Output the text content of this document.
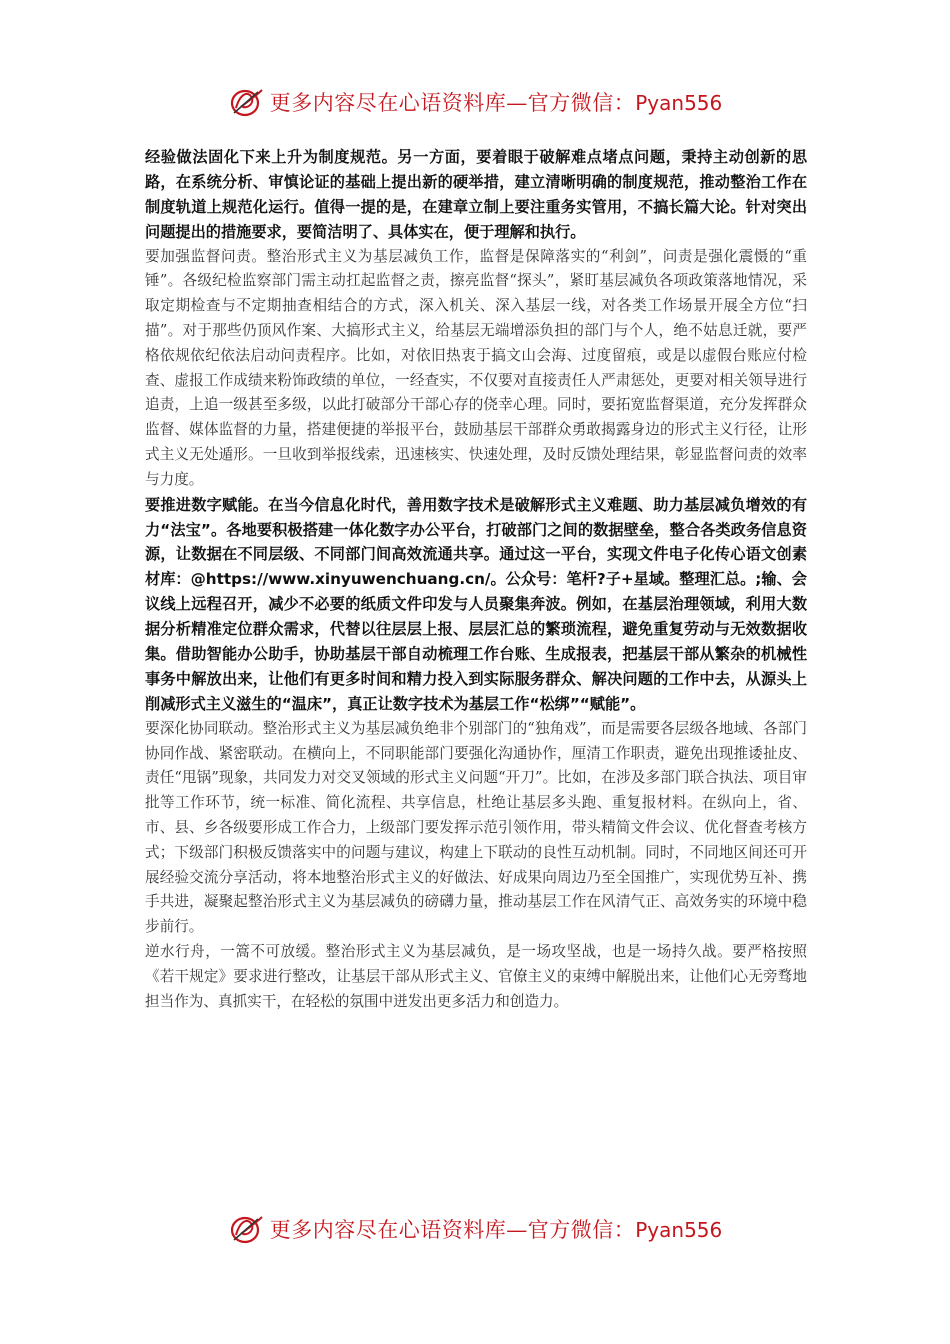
更多内容尽在心语资料库—官方微信：Pyan556

经验做法固化下来上升为制度规范。另一方面，要着眼于破解难点堵点问题，秉持主动创新的思路，在系统分析、审慎论证的基础上提出新的硬举措，建立清晰明确的制度规范，推动整治工作在制度轨道上规范化运行。值得一提的是，在建章立制上要注重务实管用，不搞长篇大论。针对突出问题提出的措施要求，要简洁明了、具体实在，便于理解和执行。

要加强监督问责。整治形式主义为基层减负工作，监督是保障落实的“利剑”，问责是强化震慑的“重锤”。各级纪检监察部门需主动扛起监督之责，擦亮监督“探头”，紧盯基层减负各项政策落地情况，采取定期检查与不定期抽查相结合的方式，深入机关、深入基层一线，对各类工作场景开展全方位“扫描”。对于那些仍顶风作案、大搞形式主义，给基层无端增添负担的部门与个人，绝不姑息迁就，要严格依规依纪依法启动问责程序。比如，对依旧热衷于搞文山会海、过度留痕，或是以虚假台账应付检查、虚报工作成绩来粉饰政绩的单位，一经查实，不仅要对直接责任人严肃惩处，更要对相关领导进行追责，上追一级甚至多级，以此打破部分干部心存的侥幸心理。同时，要拓宽监督渠道，充分发挥群众监督、媒体监督的力量，搭建便捷的举报平台，鼓励基层干部群众勇敢揭露身边的形式主义行径，让形式主义无处遁形。一旦收到举报线索，迅速核实、快速处理，及时反馈处理结果，彰显监督问责的效率与力度。

要推进数字赋能。在当今信息化时代，善用数字技术是破解形式主义难题、助力基层减负增效的有力“法宝”。各地要积极搭建一体化数字办公平台，打破部门之间的数据壁垒，整合各类政务信息资源，让数据在不同层级、不同部门间高效流通共享。通过这一平台，实现文件电子化传心语文创素材库：@https://www.xinyuwenchuang.cn/。公众号：笔杆?子+星域。整理汇总。;输、会议线上远程召开，减少不必要的纸质文件印发与人员聚集奔波。例如，在基层治理领域，利用大数据分析精准定位群众需求，代替以往层层上报、层层汇总的繁琐流程，避免重复劳动与无效数据收集。借助智能办公助手，协助基层干部自动梳理工作台账、生成报表，把基层干部从繁杂的机械性事务中解放出来，让他们有更多时间和精力投入到实际服务群众、解决问题的工作中去，从源头上削减形式主义滋生的“温床”，真正让数字技术为基层工作“松绑”“赋能”。

要深化协同联动。整治形式主义为基层减负绝非个别部门的“独角戏”，而是需要各层级各地域、各部门协同作战、紧密联动。在横向上，不同职能部门要强化沟通协作，厘清工作职责，避免出现推诿扯皮、责任“甩锅”现象，共同发力对交叉领域的形式主义问题“开刀”。比如，在涉及多部门联合执法、项目审批等工作环节，统一标准、简化流程、共享信息，杜绝让基层多头跑、重复报材料。在纵向上，省、市、县、乡各级要形成工作合力，上级部门要发挥示范引领作用，带头精简文件会议、优化督查考核方式；下级部门积极反馈落实中的问题与建议，构建上下联动的良性互动机制。同时，不同地区间还可开展经验交流分享活动，将本地整治形式主义的好做法、好成果向周边乃至全国推广，实现优势互补、携手共进，凝聚起整治形式主义为基层减负的磅礴力量，推动基层工作在风清气正、高效务实的环境中稳步前行。

逆水行舟，一篙不可放缓。整治形式主义为基层减负，是一场攻坚战，也是一场持久战。要严格按照《若干规定》要求进行整改，让基层干部从形式主义、官僚主义的束缚中解脱出来，让他们心无旁骛地担当作为、真抓实干，在轻松的氛围中迸发出更多活力和创造力。

更多内容尽在心语资料库—官方微信：Pyan556
